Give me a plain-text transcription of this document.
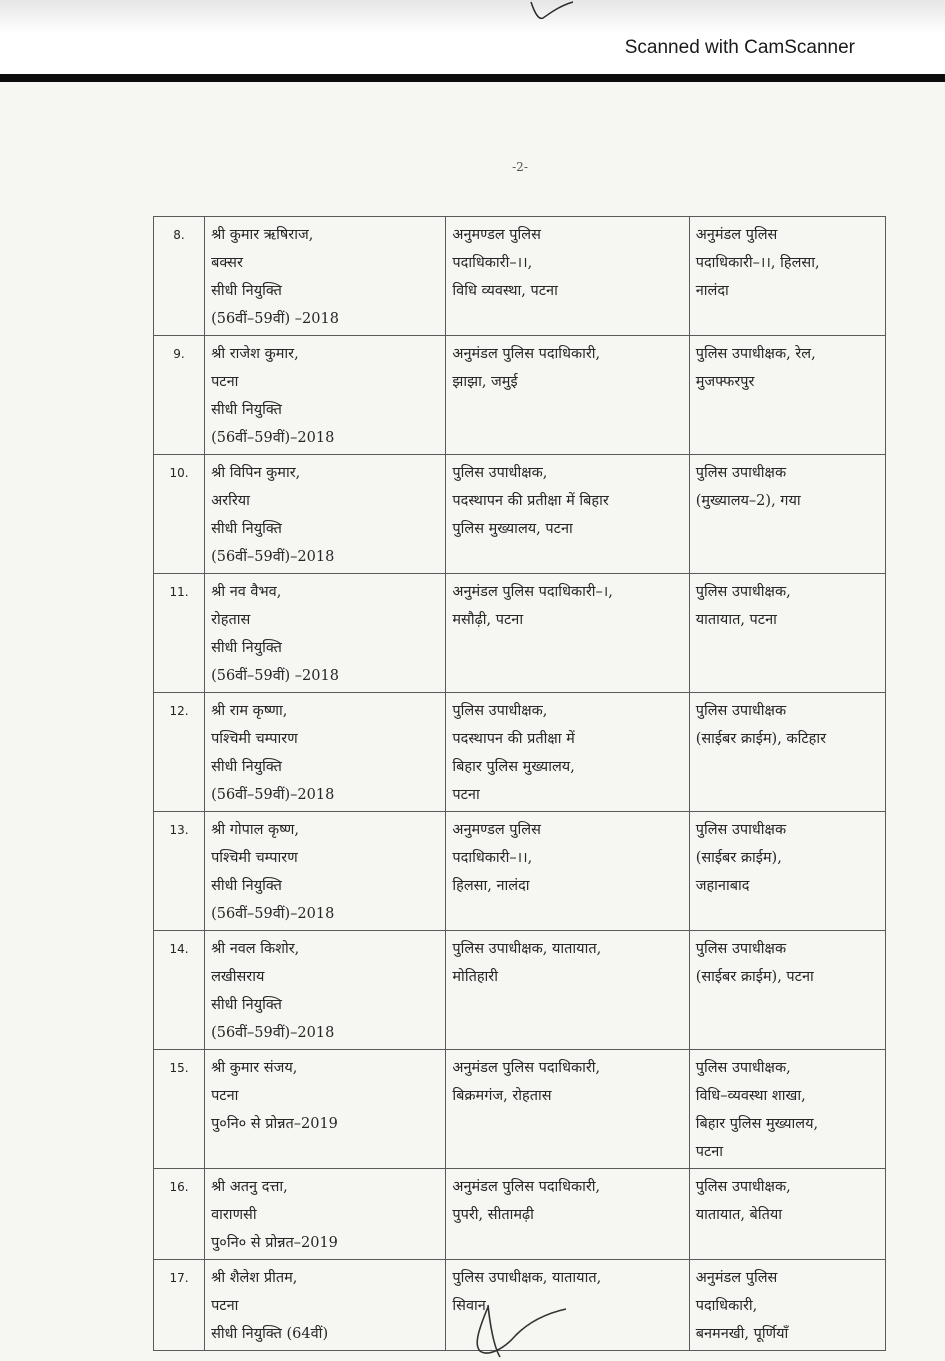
Scanned with CamScanner
-2-
8.	श्री कुमार ऋषिराज,
बक्सर
सीधी नियुक्ति
(56वीं–59वीं) –2018	अनुमण्डल पुलिस
पदाधिकारी–।।,
विधि व्यवस्था, पटना	अनुमंडल पुलिस
पदाधिकारी–।।, हिलसा,
नालंदा

9.	श्री राजेश कुमार,
पटना
सीधी नियुक्ति
(56वीं–59वीं)–2018	अनुमंडल पुलिस पदाधिकारी,
झाझा, जमुई	पुलिस उपाधीक्षक, रेल,
मुजफ्फरपुर

10.	श्री विपिन कुमार,
अररिया
सीधी नियुक्ति
(56वीं–59वीं)–2018	पुलिस उपाधीक्षक,
पदस्थापन की प्रतीक्षा में बिहार
पुलिस मुख्यालय, पटना	पुलिस उपाधीक्षक
(मुख्यालय–2), गया

11.	श्री नव वैभव,
रोहतास
सीधी नियुक्ति
(56वीं–59वीं) –2018	अनुमंडल पुलिस पदाधिकारी–।,
मसौढ़ी, पटना	पुलिस उपाधीक्षक,
यातायात, पटना

12.	श्री राम कृष्णा,
पश्चिमी चम्पारण
सीधी नियुक्ति
(56वीं–59वीं)–2018	पुलिस उपाधीक्षक,
पदस्थापन की प्रतीक्षा में
बिहार पुलिस मुख्यालय,
पटना	पुलिस उपाधीक्षक
(साईबर क्राईम), कटिहार

13.	श्री गोपाल कृष्ण,
पश्चिमी चम्पारण
सीधी नियुक्ति
(56वीं–59वीं)–2018	अनुमण्डल पुलिस
पदाधिकारी–।।,
हिलसा, नालंदा	पुलिस उपाधीक्षक
(साईबर क्राईम),
जहानाबाद

14.	श्री नवल किशोर,
लखीसराय
सीधी नियुक्ति
(56वीं–59वीं)–2018	पुलिस उपाधीक्षक, यातायात,
मोतिहारी	पुलिस उपाधीक्षक
(साईबर क्राईम), पटना

15.	श्री कुमार संजय,
पटना
पु०नि० से प्रोन्नत–2019	अनुमंडल पुलिस पदाधिकारी,
बिक्रमगंज, रोहतास	पुलिस उपाधीक्षक,
विधि–व्यवस्था शाखा,
बिहार पुलिस मुख्यालय,
पटना

16.	श्री अतनु दत्ता,
वाराणसी
पु०नि० से प्रोन्नत–2019	अनुमंडल पुलिस पदाधिकारी,
पुपरी, सीतामढ़ी	पुलिस उपाधीक्षक,
यातायात, बेतिया

17.	श्री शैलेश प्रीतम,
पटना
सीधी नियुक्ति (64वीं)	पुलिस उपाधीक्षक, यातायात,
सिवान	अनुमंडल पुलिस
पदाधिकारी,
बनमनखी, पूर्णियाँ
